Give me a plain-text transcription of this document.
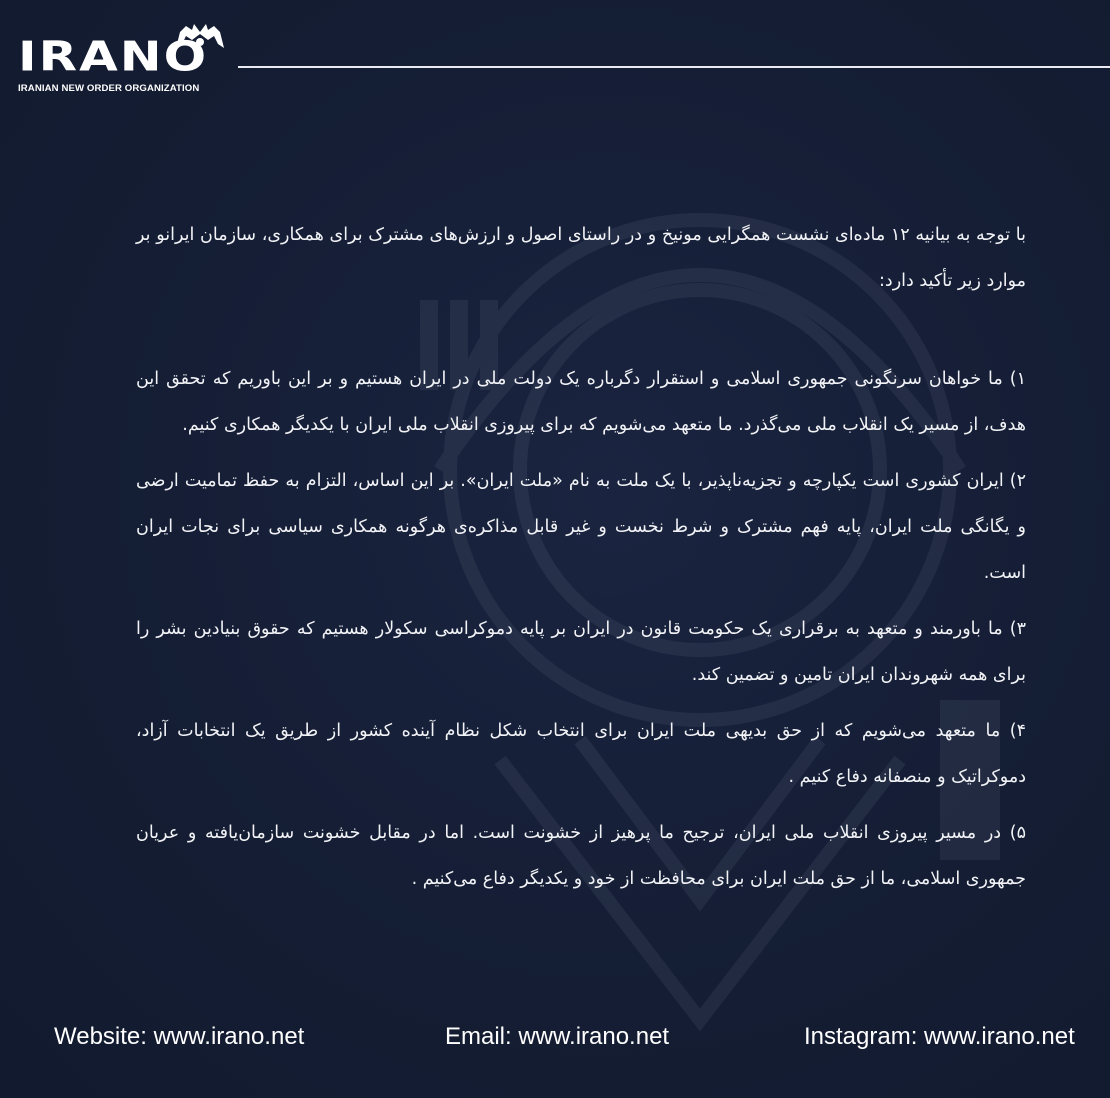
IRANO
IRANIAN NEW ORDER ORGANIZATION

با توجه به بیانیه ۱۲ ماده‌ای نشست همگرایی مونیخ و در راستای اصول و ارزش‌های مشترک برای همکاری، سازمان ایرانو بر موارد زیر تأکید دارد:

۱) ما خواهان سرنگونی جمهوری اسلامی و استقرار دگرباره یک دولت ملی در ایران هستیم و بر این باوریم که تحقق این هدف، از مسیر یک انقلاب ملی می‌گذرد. ما متعهد می‌شویم که برای پیروزی انقلاب ملی ایران با یکدیگر همکاری کنیم.

۲) ایران کشوری است یکپارچه و تجزیه‌ناپذیر، با یک ملت به نام «ملت ایران». بر این اساس، التزام به حفظ تمامیت ارضی و یگانگی ملت ایران، پایه فهم مشترک و شرط نخست و غیر قابل مذاکره‌ی هرگونه همکاری سیاسی برای نجات ایران است.

۳) ما باورمند و متعهد به برقراری یک حکومت قانون در ایران بر پایه دموکراسی سکولار هستیم که حقوق بنیادین بشر را برای همه شهروندان ایران تامین و تضمین کند.

۴) ما متعهد می‌شویم که از حق بدیهی ملت ایران برای انتخاب شکل نظام آینده کشور از طریق یک انتخابات آزاد، دموکراتیک و منصفانه دفاع کنیم .

۵) در مسیر پیروزی انقلاب ملی ایران، ترجیح ما پرهیز از خشونت است. اما در مقابل خشونت سازمان‌یافته و عریان جمهوری اسلامی، ما از حق ملت ایران برای محافظت از خود و یکدیگر دفاع می‌کنیم .

Website: www.irano.net	Email: www.irano.net	Instagram: www.irano.net
